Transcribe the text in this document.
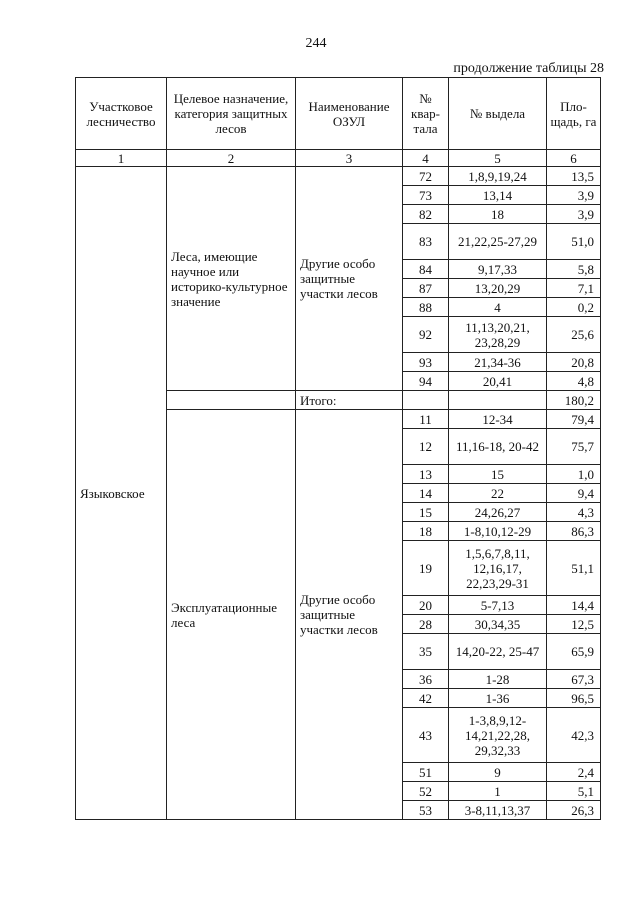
244
продолжение таблицы 28
Участковое лесничество	Целевое назначение, категория защитных лесов	Наименование ОЗУЛ	№ квар-тала	№ выдела	Пло-щадь, га
1	2	3	4	5	6
Языковское	Леса, имеющие научное или историко-культурное значение	Другие особо защитные участки лесов	72	1,8,9,19,24	13,5
			73	13,14	3,9
			82	18	3,9
			83	21,22,25-27,29	51,0
			84	9,17,33	5,8
			87	13,20,29	7,1
			88	4	0,2
			92	11,13,20,21, 23,28,29	25,6
			93	21,34-36	20,8
			94	20,41	4,8
		Итого:			180,2
	Эксплуатационные леса	Другие особо защитные участки лесов	11	12-34	79,4
			12	11,16-18, 20-42	75,7
			13	15	1,0
			14	22	9,4
			15	24,26,27	4,3
			18	1-8,10,12-29	86,3
			19	1,5,6,7,8,11, 12,16,17, 22,23,29-31	51,1
			20	5-7,13	14,4
			28	30,34,35	12,5
			35	14,20-22, 25-47	65,9
			36	1-28	67,3
			42	1-36	96,5
			43	1-3,8,9,12- 14,21,22,28, 29,32,33	42,3
			51	9	2,4
			52	1	5,1
			53	3-8,11,13,37	26,3
